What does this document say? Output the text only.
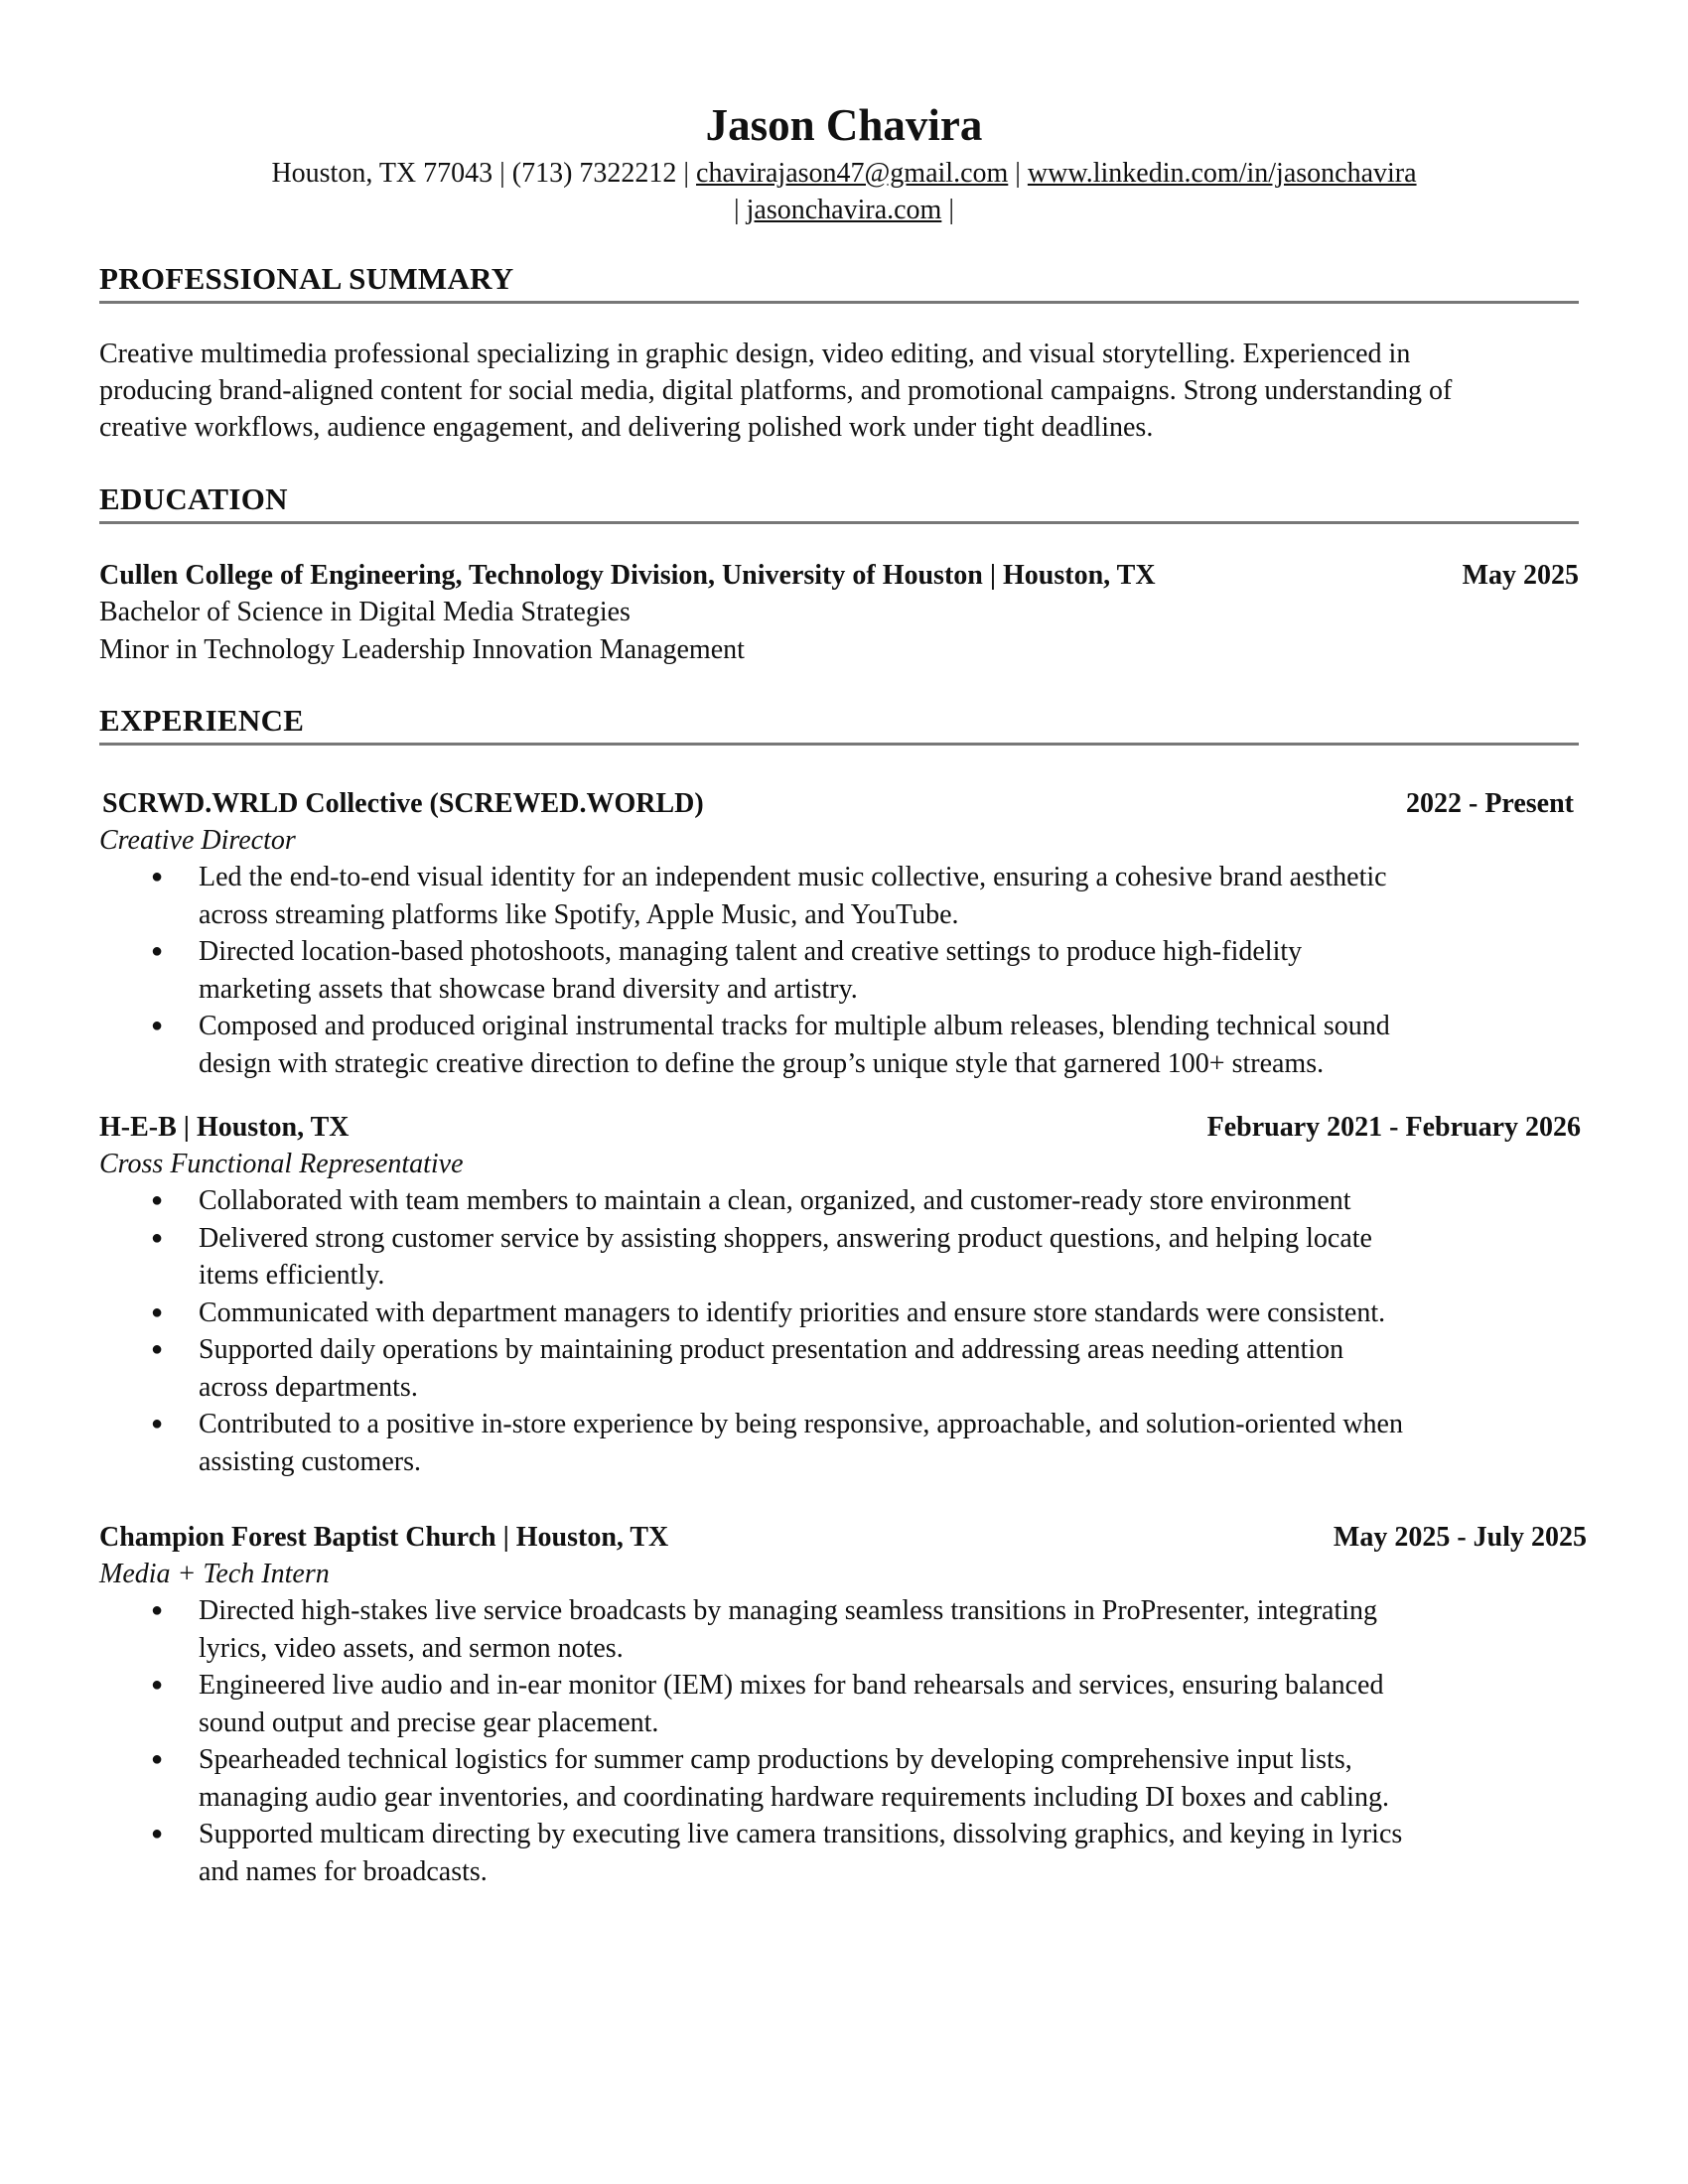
Jason Chavira

Houston, TX 77043 | (713) 7322212 | chavirajason47@gmail.com | www.linkedin.com/in/jasonchavira

| jasonchavira.com |

PROFESSIONAL SUMMARY
Creative multimedia professional specializing in graphic design, video editing, and visual storytelling. Experienced in
producing brand-aligned content for social media, digital platforms, and promotional campaigns. Strong understanding of
creative workflows, audience engagement, and delivering polished work under tight deadlines.
EDUCATION
Cullen College of Engineering, Technology Division, University of Houston | Houston, TX	May 2025
Bachelor of Science in Digital Media Strategies
Minor in Technology Leadership Innovation Management
EXPERIENCE
SCRWD.WRLD Collective (SCREWED.WORLD)	2022 - Present
Creative Director
● Led the end-to-end visual identity for an independent music collective, ensuring a cohesive brand aesthetic
across streaming platforms like Spotify, Apple Music, and YouTube.
● Directed location-based photoshoots, managing talent and creative settings to produce high-fidelity
marketing assets that showcase brand diversity and artistry.
● Composed and produced original instrumental tracks for multiple album releases, blending technical sound
design with strategic creative direction to define the group’s unique style that garnered 100+ streams.
H-E-B | Houston, TX	February 2021 - February 2026
Cross Functional Representative
● Collaborated with team members to maintain a clean, organized, and customer-ready store environment
● Delivered strong customer service by assisting shoppers, answering product questions, and helping locate
items efficiently.
● Communicated with department managers to identify priorities and ensure store standards were consistent.
● Supported daily operations by maintaining product presentation and addressing areas needing attention
across departments.
● Contributed to a positive in-store experience by being responsive, approachable, and solution-oriented when
assisting customers.
Champion Forest Baptist Church | Houston, TX	May 2025 - July 2025
Media + Tech Intern
● Directed high-stakes live service broadcasts by managing seamless transitions in ProPresenter, integrating
lyrics, video assets, and sermon notes.
● Engineered live audio and in-ear monitor (IEM) mixes for band rehearsals and services, ensuring balanced
sound output and precise gear placement.
● Spearheaded technical logistics for summer camp productions by developing comprehensive input lists,
managing audio gear inventories, and coordinating hardware requirements including DI boxes and cabling.
● Supported multicam directing by executing live camera transitions, dissolving graphics, and keying in lyrics
and names for broadcasts.
